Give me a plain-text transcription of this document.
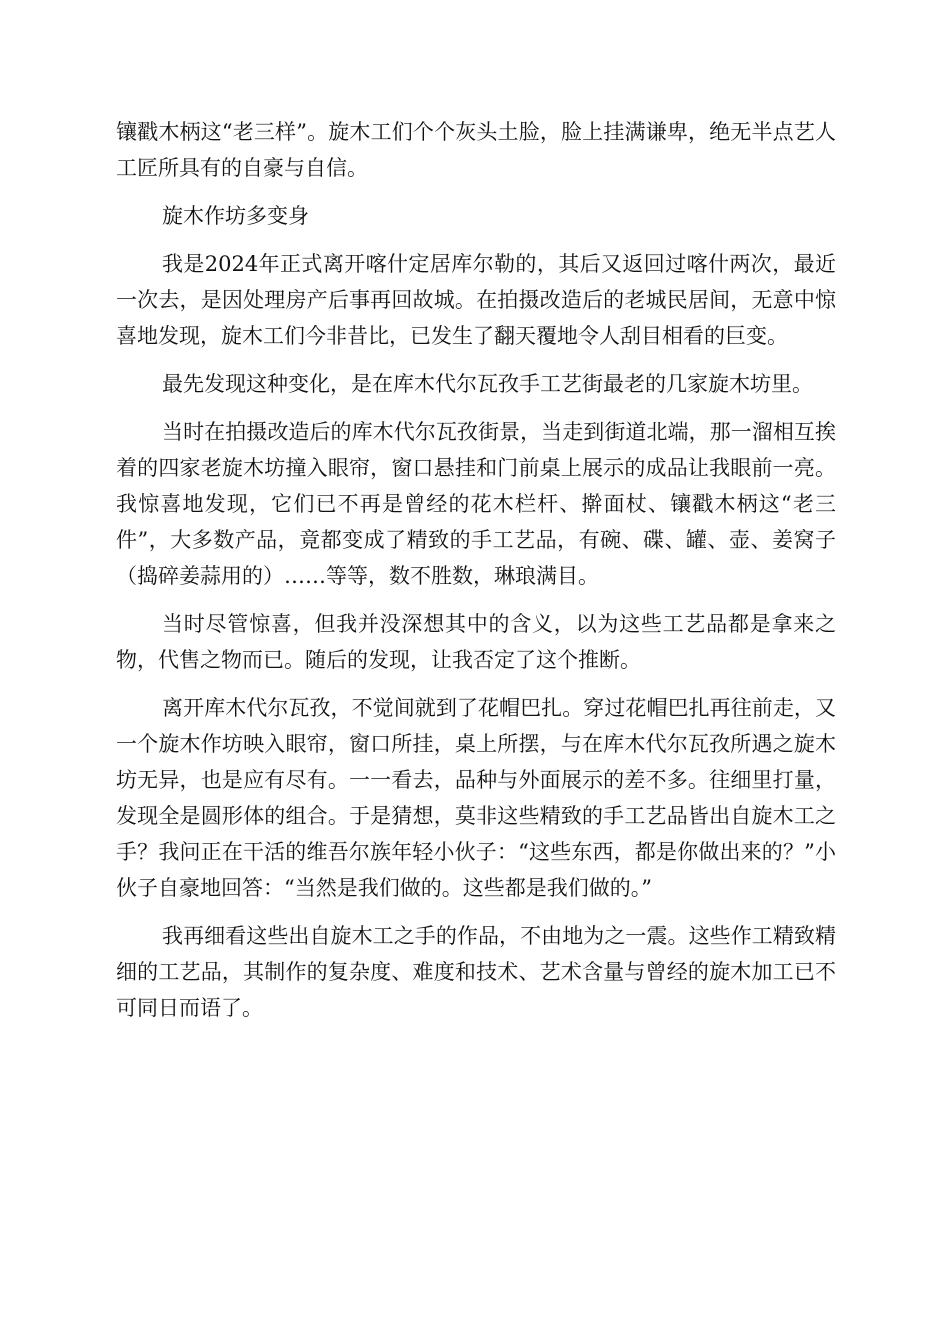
镶戳木柄这“老三样”。旋木工们个个灰头土脸，脸上挂满谦卑，绝无半点艺人工匠所具有的自豪与自信。

旋木作坊多变身

我是2024年正式离开喀什定居库尔勒的，其后又返回过喀什两次，最近一次去，是因处理房产后事再回故城。在拍摄改造后的老城民居间，无意中惊喜地发现，旋木工们今非昔比，已发生了翻天覆地令人刮目相看的巨变。

最先发现这种变化，是在库木代尔瓦孜手工艺街最老的几家旋木坊里。

当时在拍摄改造后的库木代尔瓦孜街景，当走到街道北端，那一溜相互挨着的四家老旋木坊撞入眼帘，窗口悬挂和门前桌上展示的成品让我眼前一亮。我惊喜地发现，它们已不再是曾经的花木栏杆、擀面杖、镶戳木柄这“老三件”，大多数产品，竟都变成了精致的手工艺品，有碗、碟、罐、壶、姜窝子（捣碎姜蒜用的）……等等，数不胜数，琳琅满目。

当时尽管惊喜，但我并没深想其中的含义，以为这些工艺品都是拿来之物，代售之物而已。随后的发现，让我否定了这个推断。

离开库木代尔瓦孜，不觉间就到了花帽巴扎。穿过花帽巴扎再往前走，又一个旋木作坊映入眼帘，窗口所挂，桌上所摆，与在库木代尔瓦孜所遇之旋木坊无异，也是应有尽有。一一看去，品种与外面展示的差不多。往细里打量，发现全是圆形体的组合。于是猜想，莫非这些精致的手工艺品皆出自旋木工之手？我问正在干活的维吾尔族年轻小伙子：“这些东西，都是你做出来的？”小伙子自豪地回答：“当然是我们做的。这些都是我们做的。”

我再细看这些出自旋木工之手的作品，不由地为之一震。这些作工精致精细的工艺品，其制作的复杂度、难度和技术、艺术含量与曾经的旋木加工已不可同日而语了。
